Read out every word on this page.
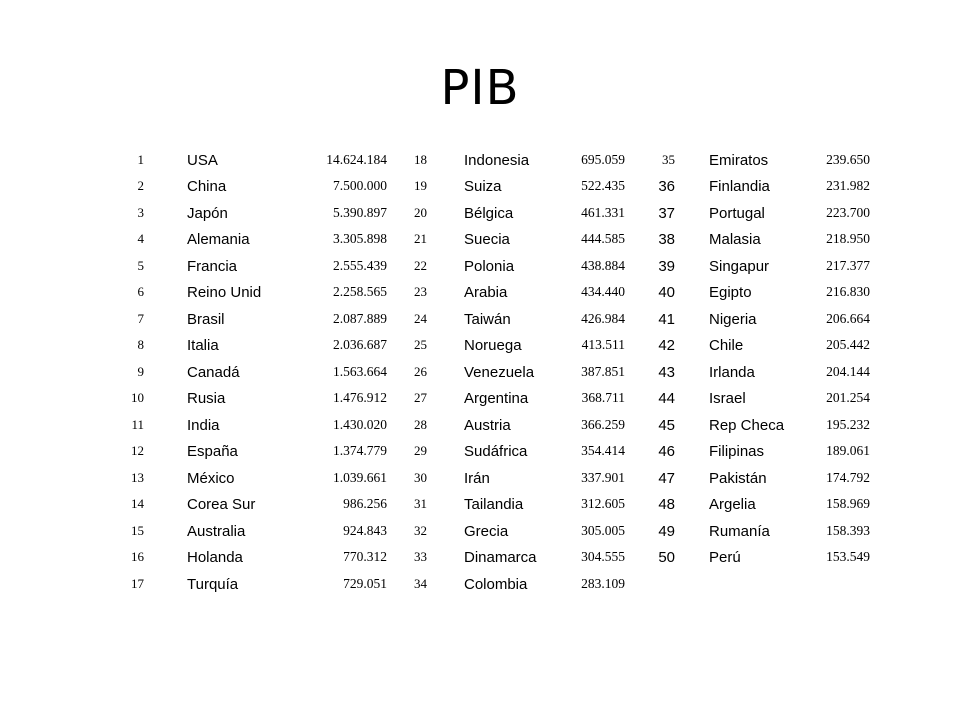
PIB
1	USA	14.624.184	18	Indonesia	695.059	35	Emiratos	239.650
2	China	7.500.000	19	Suiza	522.435	36	Finlandia	231.982
3	Japón	5.390.897	20	Bélgica	461.331	37	Portugal	223.700
4	Alemania	3.305.898	21	Suecia	444.585	38	Malasia	218.950
5	Francia	2.555.439	22	Polonia	438.884	39	Singapur	217.377
6	Reino Unid	2.258.565	23	Arabia	434.440	40	Egipto	216.830
7	Brasil	2.087.889	24	Taiwán	426.984	41	Nigeria	206.664
8	Italia	2.036.687	25	Noruega	413.511	42	Chile	205.442
9	Canadá	1.563.664	26	Venezuela	387.851	43	Irlanda	204.144
10	Rusia	1.476.912	27	Argentina	368.711	44	Israel	201.254
11	India	1.430.020	28	Austria	366.259	45	Rep Checa	195.232
12	España	1.374.779	29	Sudáfrica	354.414	46	Filipinas	189.061
13	México	1.039.661	30	Irán	337.901	47	Pakistán	174.792
14	Corea Sur	986.256	31	Tailandia	312.605	48	Argelia	158.969
15	Australia	924.843	32	Grecia	305.005	49	Rumanía	158.393
16	Holanda	770.312	33	Dinamarca	304.555	50	Perú	153.549
17	Turquía	729.051	34	Colombia	283.109
